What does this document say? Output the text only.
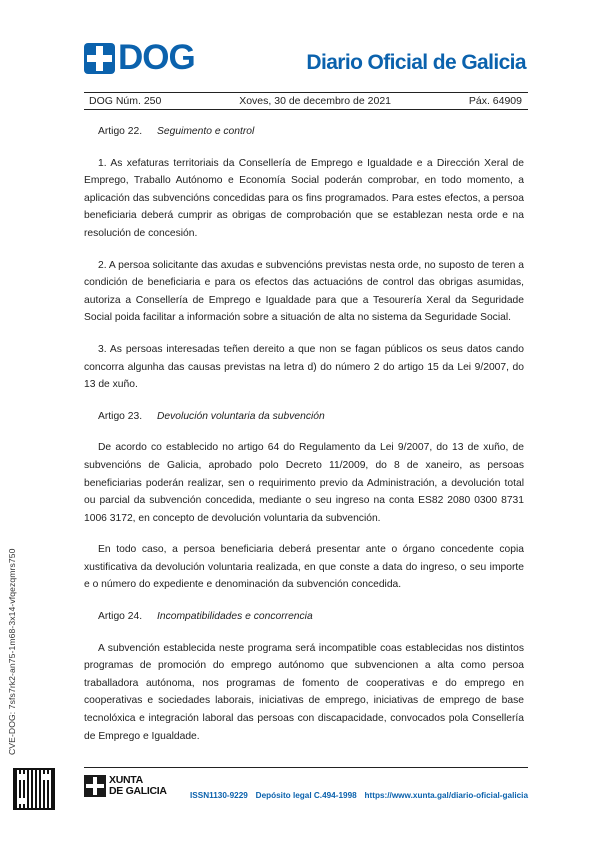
DOG	Diario Oficial de Galicia
DOG Núm. 250	Xoves, 30 de decembro de 2021	Páx. 64909

Artigo 22. Seguimento e control

1. As xefaturas territoriais da Consellería de Emprego e Igualdade e a Dirección Xeral de Emprego, Traballo Autónomo e Economía Social poderán comprobar, en todo momento, a aplicación das subvencións concedidas para os fins programados. Para estes efectos, a persoa beneficiaria deberá cumprir as obrigas de comprobación que se establezan nesta orde e na resolución de concesión.

2. A persoa solicitante das axudas e subvencións previstas nesta orde, no suposto de teren a condición de beneficiaria e para os efectos das actuacións de control das obrigas asumidas, autoriza a Consellería de Emprego e Igualdade para que a Tesourería Xeral da Seguridade Social poida facilitar a información sobre a situación de alta no sistema da Seguridade Social.

3. As persoas interesadas teñen dereito a que non se fagan públicos os seus datos cando concorra algunha das causas previstas na letra d) do número 2 do artigo 15 da Lei 9/2007, do 13 de xuño.

Artigo 23. Devolución voluntaria da subvención

De acordo co establecido no artigo 64 do Regulamento da Lei 9/2007, do 13 de xuño, de subvencións de Galicia, aprobado polo Decreto 11/2009, do 8 de xaneiro, as persoas beneficiarias poderán realizar, sen o requirimento previo da Administración, a devolución total ou parcial da subvención concedida, mediante o seu ingreso na conta ES82 2080 0300 8731 1006 3172, en concepto de devolución voluntaria da subvención.

En todo caso, a persoa beneficiaria deberá presentar ante o órgano concedente copia xustificativa da devolución voluntaria realizada, en que conste a data do ingreso, o seu importe e o número do expediente e denominación da subvención concedida.

Artigo 24. Incompatibilidades e concorrencia

A subvención establecida neste programa será incompatible coas establecidas nos distintos programas de promoción do emprego autónomo que subvencionen a alta como persoa traballadora autónoma, nos programas de fomento de cooperativas e do emprego en cooperativas e sociedades laborais, iniciativas de emprego, iniciativas de emprego de base tecnolóxica e integración laboral das persoas con discapacidade, convocados pola Consellería de Emprego e Igualdade.

CVE-DOG: 7sfs7rk2-an75-1m68-3x14-vfqezqmrs750
XUNTA
DE GALICIA	ISSN1130-9229 Depósito legal C.494-1998 https://www.xunta.gal/diario-oficial-galicia
